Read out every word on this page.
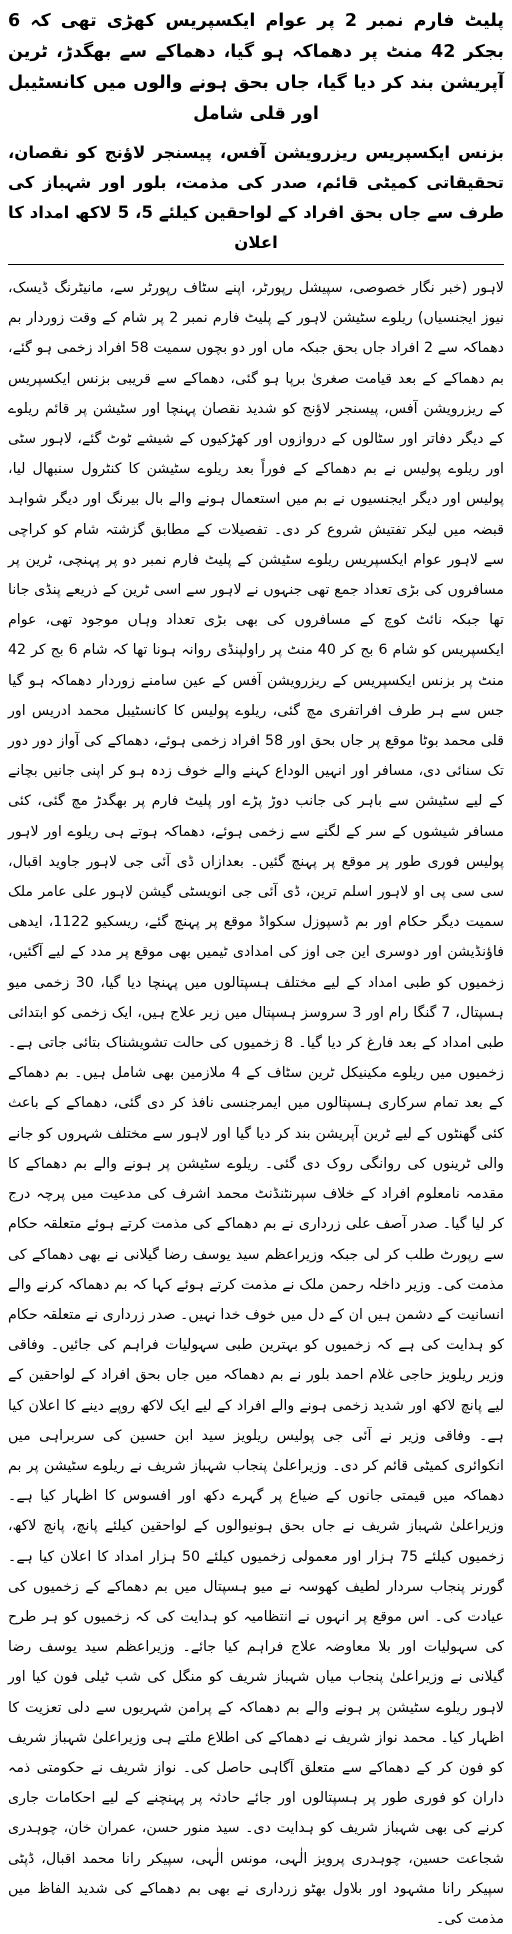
پلیٹ فارم نمبر 2 پر عوام ایکسپریس کھڑی تھی کہ 6 بجکر 42 منٹ پر دھماکہ ہو گیا، دھماکے سے بھگدڑ، ٹرین آپریشن بند کر دیا گیا، جاں بحق ہونے والوں میں کانسٹیبل اور قلی شامل

بزنس ایکسپریس ریزرویشن آفس، پیسنجر لاؤنج کو نقصان، تحقیقاتی کمیٹی قائم، صدر کی مذمت، بلور اور شہباز کی طرف سے جاں بحق افراد کے لواحقین کیلئے 5، 5 لاکھ امداد کا اعلان

لاہور (خبر نگار خصوصی، سپیشل رپورٹر، اپنے سٹاف رپورٹر سے، مانیٹرنگ ڈیسک، نیوز ایجنسیاں) ریلوے سٹیشن لاہور کے پلیٹ فارم نمبر 2 پر شام کے وقت زوردار بم دھماکہ سے 2 افراد جاں بحق جبکہ ماں اور دو بچوں سمیت 58 افراد زخمی ہو گئے، بم دھماکے کے بعد قیامت صغریٰ برپا ہو گئی، دھماکے سے قریبی بزنس ایکسپریس کے ریزرویشن آفس، پیسنجر لاؤنج کو شدید نقصان پہنچا اور سٹیشن پر قائم ریلوے کے دیگر دفاتر اور سٹالوں کے دروازوں اور کھڑکیوں کے شیشے ٹوٹ گئے، لاہور سٹی اور ریلوے پولیس نے بم دھماکے کے فوراً بعد ریلوے سٹیشن کا کنٹرول سنبھال لیا، پولیس اور دیگر ایجنسیوں نے بم میں استعمال ہونے والے بال بیرنگ اور دیگر شواہد قبضہ میں لیکر تفتیش شروع کر دی۔ تفصیلات کے مطابق گزشتہ شام کو کراچی سے لاہور عوام ایکسپریس ریلوے سٹیشن کے پلیٹ فارم نمبر دو پر پہنچی، ٹرین پر مسافروں کی بڑی تعداد جمع تھی جنہوں نے لاہور سے اسی ٹرین کے ذریعے پنڈی جانا تھا جبکہ نائٹ کوچ کے مسافروں کی بھی بڑی تعداد وہاں موجود تھی، عوام ایکسپریس کو شام 6 بج کر 40 منٹ پر راولپنڈی روانہ ہونا تھا کہ شام 6 بج کر 42 منٹ پر بزنس ایکسپریس کے ریزرویشن آفس کے عین سامنے زوردار دھماکہ ہو گیا جس سے ہر طرف افراتفری مچ گئی، ریلوے پولیس کا کانسٹیبل محمد ادریس اور قلی محمد بوٹا موقع پر جاں بحق اور 58 افراد زخمی ہوئے، دھماکے کی آواز دور دور تک سنائی دی، مسافر اور انہیں الوداع کہنے والے خوف زدہ ہو کر اپنی جانیں بچانے کے لیے سٹیشن سے باہر کی جانب دوڑ پڑے اور پلیٹ فارم پر بھگدڑ مچ گئی، کئی مسافر شیشوں کے سر کے لگنے سے زخمی ہوئے، دھماکہ ہوتے ہی ریلوے اور لاہور پولیس فوری طور پر موقع پر پہنچ گئیں۔ بعدازاں ڈی آئی جی لاہور جاوید اقبال، سی سی پی او لاہور اسلم ترین، ڈی آئی جی انویسٹی گیشن لاہور علی عامر ملک سمیت دیگر حکام اور بم ڈسپوزل سکواڈ موقع پر پہنچ گئے، ریسکیو 1122، ایدھی فاؤنڈیشن اور دوسری این جی اوز کی امدادی ٹیمیں بھی موقع پر مدد کے لیے آگئیں، زخمیوں کو طبی امداد کے لیے مختلف ہسپتالوں میں پہنچا دیا گیا، 30 زخمی میو ہسپتال، 7 گنگا رام اور 3 سروسز ہسپتال میں زیر علاج ہیں، ایک زخمی کو ابتدائی طبی امداد کے بعد فارغ کر دیا گیا۔ 8 زخمیوں کی حالت تشویشناک بتائی جاتی ہے۔ زخمیوں میں ریلوے مکینیکل ٹرین سٹاف کے 4 ملازمین بھی شامل ہیں۔ بم دھماکے کے بعد تمام سرکاری ہسپتالوں میں ایمرجنسی نافذ کر دی گئی، دھماکے کے باعث کئی گھنٹوں کے لیے ٹرین آپریشن بند کر دیا گیا اور لاہور سے مختلف شہروں کو جانے والی ٹرینوں کی روانگی روک دی گئی۔ ریلوے سٹیشن پر ہونے والے بم دھماکے کا مقدمہ نامعلوم افراد کے خلاف سپرنٹنڈنٹ محمد اشرف کی مدعیت میں پرچہ درج کر لیا گیا۔ صدر آصف علی زرداری نے بم دھماکے کی مذمت کرتے ہوئے متعلقہ حکام سے رپورٹ طلب کر لی جبکہ وزیراعظم سید یوسف رضا گیلانی نے بھی دھماکے کی مذمت کی۔ وزیر داخلہ رحمن ملک نے مذمت کرتے ہوئے کہا کہ بم دھماکہ کرنے والے انسانیت کے دشمن ہیں ان کے دل میں خوف خدا نہیں۔ صدر زرداری نے متعلقہ حکام کو ہدایت کی ہے کہ زخمیوں کو بہترین طبی سہولیات فراہم کی جائیں۔ وفاقی وزیر ریلویز حاجی غلام احمد بلور نے بم دھماکہ میں جاں بحق افراد کے لواحقین کے لیے پانچ لاکھ اور شدید زخمی ہونے والے افراد کے لیے ایک لاکھ روپے دینے کا اعلان کیا ہے۔ وفاقی وزیر نے آئی جی پولیس ریلویز سید ابن حسین کی سربراہی میں انکوائری کمیٹی قائم کر دی۔ وزیراعلیٰ پنجاب شہباز شریف نے ریلوے سٹیشن پر بم دھماکہ میں قیمتی جانوں کے ضیاع پر گہرے دکھ اور افسوس کا اظہار کیا ہے۔ وزیراعلیٰ شہباز شریف نے جاں بحق ہونیوالوں کے لواحقین کیلئے پانچ، پانچ لاکھ، زخمیوں کیلئے 75 ہزار اور معمولی زخمیوں کیلئے 50 ہزار امداد کا اعلان کیا ہے۔ گورنر پنجاب سردار لطیف کھوسہ نے میو ہسپتال میں بم دھماکے کے زخمیوں کی عیادت کی۔ اس موقع پر انہوں نے انتظامیہ کو ہدایت کی کہ زخمیوں کو ہر طرح کی سہولیات اور بلا معاوضہ علاج فراہم کیا جائے۔ وزیراعظم سید یوسف رضا گیلانی نے وزیراعلیٰ پنجاب میاں شہباز شریف کو منگل کی شب ٹیلی فون کیا اور لاہور ریلوے سٹیشن پر ہونے والے بم دھماکہ کے پرامن شہریوں سے دلی تعزیت کا اظہار کیا۔ محمد نواز شریف نے دھماکے کی اطلاع ملتے ہی وزیراعلیٰ شہباز شریف کو فون کر کے دھماکے سے متعلق آگاہی حاصل کی۔ نواز شریف نے حکومتی ذمہ داران کو فوری طور پر ہسپتالوں اور جائے حادثہ پر پہنچنے کے لیے احکامات جاری کرنے کی بھی شہباز شریف کو ہدایت دی۔ سید منور حسن، عمران خان، چوہدری شجاعت حسین، چوہدری پرویز الٰہی، مونس الٰہی، سپیکر رانا محمد اقبال، ڈپٹی سپیکر رانا مشہود اور بلاول بھٹو زرداری نے بھی بم دھماکے کی شدید الفاظ میں مذمت کی۔
